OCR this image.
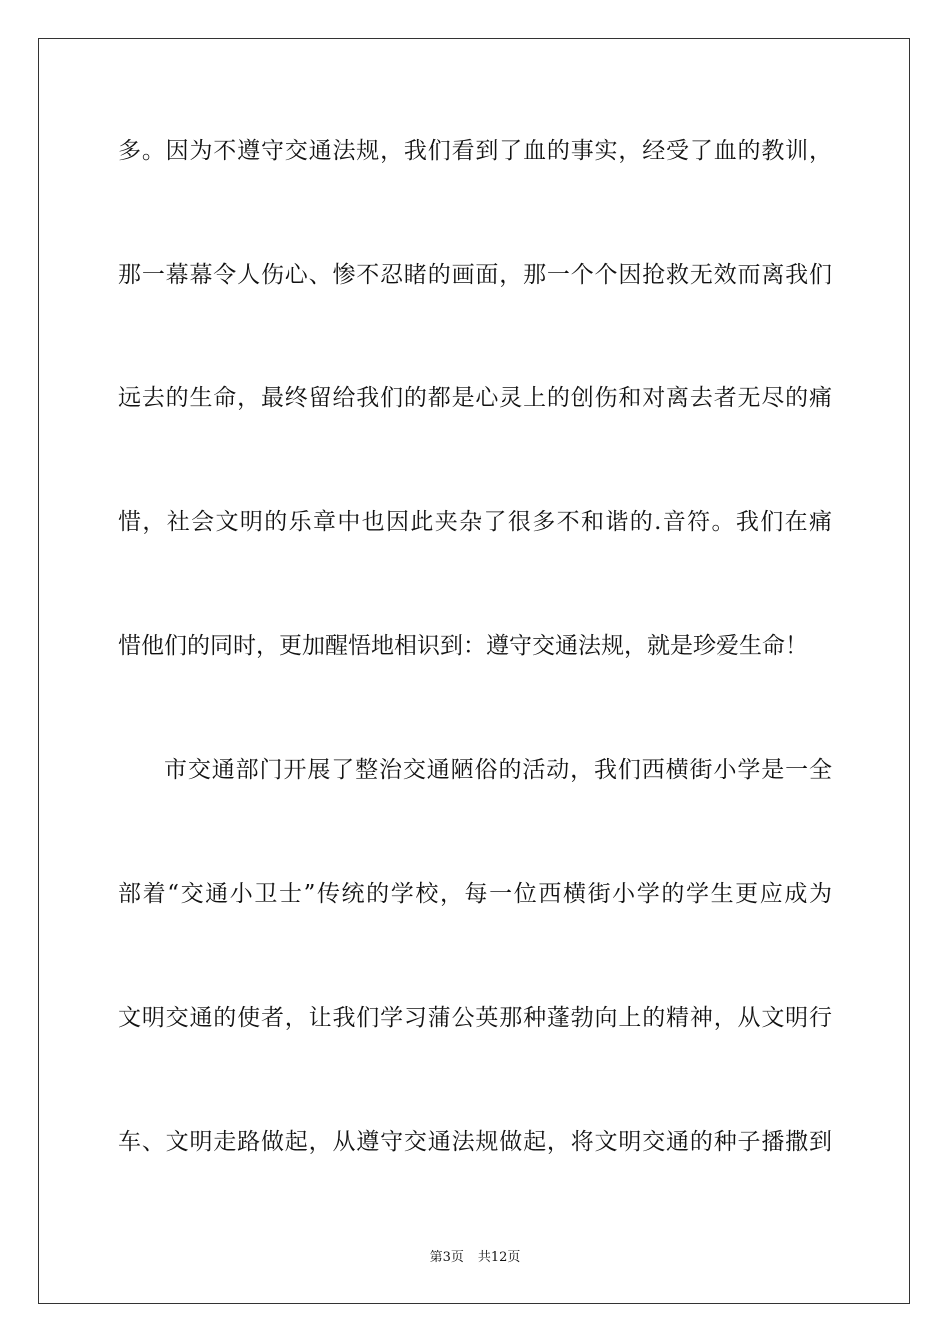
多。因为不遵守交通法规，我们看到了血的事实，经受了血的教训，
那一幕幕令人伤心、惨不忍睹的画面，那一个个因抢救无效而离我们
远去的生命，最终留给我们的都是心灵上的创伤和对离去者无尽的痛
惜，社会文明的乐章中也因此夹杂了很多不和谐的.音符。我们在痛
惜他们的同时，更加醒悟地相识到：遵守交通法规，就是珍爱生命！
市交通部门开展了整治交通陋俗的活动，我们西横街小学是一全
部着“交通小卫士”传统的学校，每一位西横街小学的学生更应成为
文明交通的使者，让我们学习蒲公英那种蓬勃向上的精神，从文明行
车、文明走路做起，从遵守交通法规做起，将文明交通的种子播撒到
第3页 共12页
